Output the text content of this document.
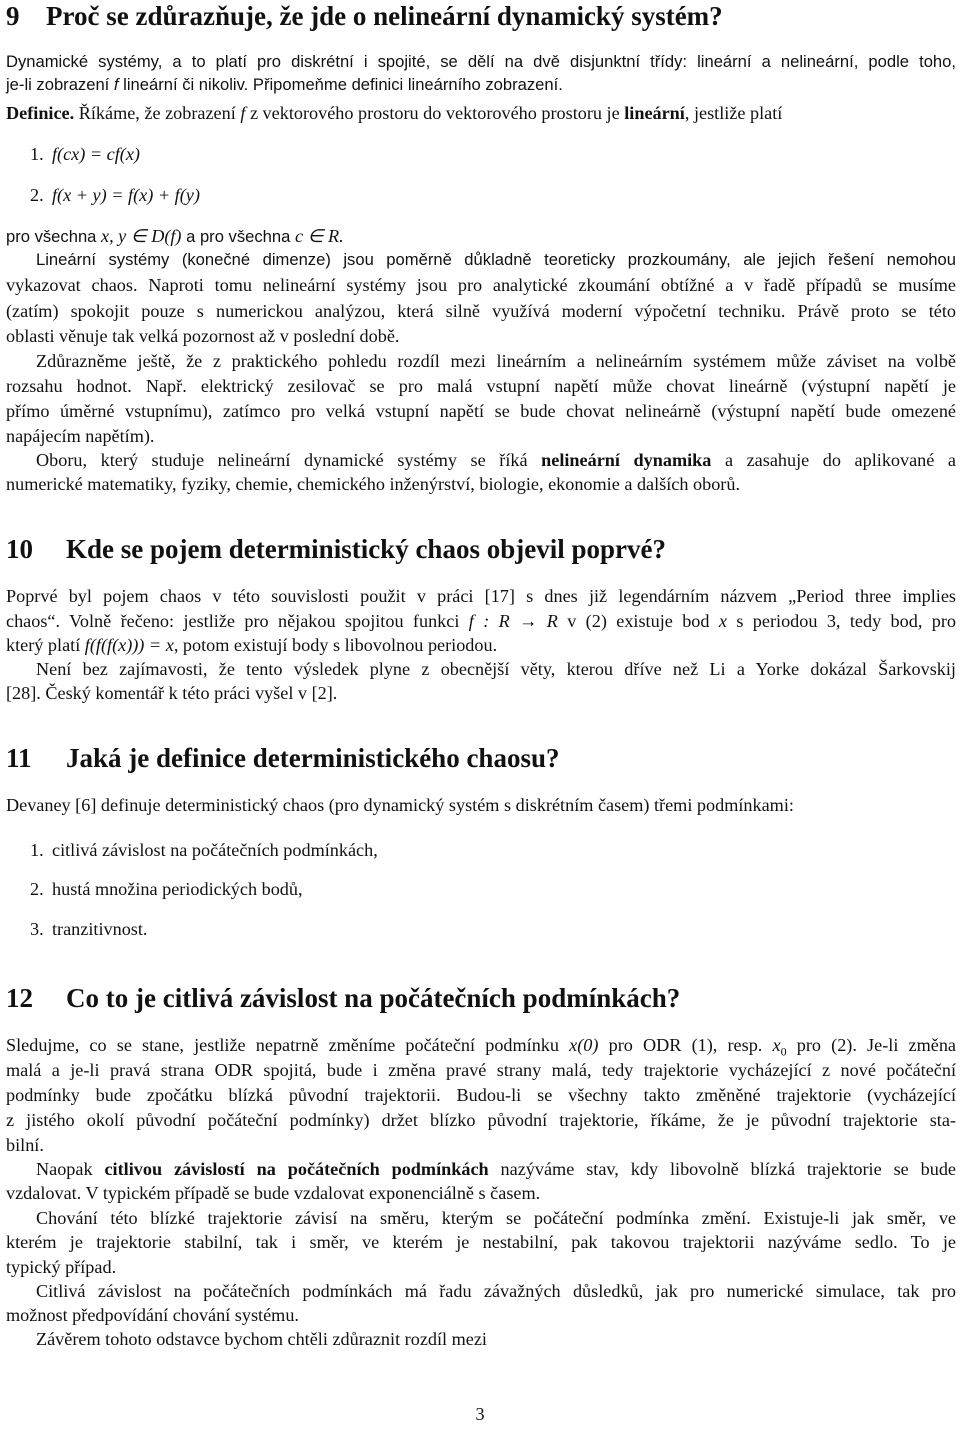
9 Proč se zdůrazňuje, že jde o nelineární dynamický systém?
Dynamické systémy, a to platí pro diskrétní i spojité, se dělí na dvě disjunktní třídy: lineární a nelineární, podle toho,
je-li zobrazení f lineární či nikoliv. Připomeňme definici lineárního zobrazení.
Definice. Říkáme, že zobrazení f z vektorového prostoru do vektorového prostoru je lineární, jestliže platí
1. f(cx) = cf(x)
2. f(x + y) = f(x) + f(y)
pro všechna x, y ∈ D(f) a pro všechna c ∈ R.
Lineární systémy (konečné dimenze) jsou poměrně důkladně teoreticky prozkoumány, ale jejich řešení nemohou
vykazovat chaos. Naproti tomu nelineární systémy jsou pro analytické zkoumání obtížné a v řadě případů se musíme
(zatím) spokojit pouze s numerickou analýzou, která silně využívá moderní výpočetní techniku. Právě proto se této
oblasti věnuje tak velká pozornost až v poslední době.
Zdůrazněme ještě, že z praktického pohledu rozdíl mezi lineárním a nelineárním systémem může záviset na volbě
rozsahu hodnot. Např. elektrický zesilovač se pro malá vstupní napětí může chovat lineárně (výstupní napětí je
přímo úměrné vstupnímu), zatímco pro velká vstupní napětí se bude chovat nelineárně (výstupní napětí bude omezené
napájecím napětím).
Oboru, který studuje nelineární dynamické systémy se říká nelineární dynamika a zasahuje do aplikované a
numerické matematiky, fyziky, chemie, chemického inženýrství, biologie, ekonomie a dalších oborů.
10 Kde se pojem deterministický chaos objevil poprvé?
Poprvé byl pojem chaos v této souvislosti použit v práci [17] s dnes již legendárním názvem „Period three implies
chaos“. Volně řečeno: jestliže pro nějakou spojitou funkci f : R → R v (2) existuje bod x s periodou 3, tedy bod, pro
který platí f(f(f(x))) = x, potom existují body s libovolnou periodou.
Není bez zajímavosti, že tento výsledek plyne z obecnější věty, kterou dříve než Li a Yorke dokázal Šarkovskij
[28]. Český komentář k této práci vyšel v [2].
11 Jaká je definice deterministického chaosu?
Devaney [6] definuje deterministický chaos (pro dynamický systém s diskrétním časem) třemi podmínkami:
1. citlivá závislost na počátečních podmínkách,
2. hustá množina periodických bodů,
3. tranzitivnost.
12 Co to je citlivá závislost na počátečních podmínkách?
Sledujme, co se stane, jestliže nepatrně změníme počáteční podmínku x(0) pro ODR (1), resp. $x_0$ pro (2). Je-li změna
malá a je-li pravá strana ODR spojitá, bude i změna pravé strany malá, tedy trajektorie vycházející z nové počáteční
podmínky bude zpočátku blízká původní trajektorii. Budou-li se všechny takto změněné trajektorie (vycházející
z jistého okolí původní počáteční podmínky) držet blízko původní trajektorie, říkáme, že je původní trajektorie sta-
bilní.
Naopak citlivou závislostí na počátečních podmínkách nazýváme stav, kdy libovolně blízká trajektorie se bude
vzdalovat. V typickém případě se bude vzdalovat exponenciálně s časem.
Chování této blízké trajektorie závisí na směru, kterým se počáteční podmínka změní. Existuje-li jak směr, ve
kterém je trajektorie stabilní, tak i směr, ve kterém je nestabilní, pak takovou trajektorii nazýváme sedlo. To je
typický případ.
Citlivá závislost na počátečních podmínkách má řadu závažných důsledků, jak pro numerické simulace, tak pro
možnost předpovídání chování systému.
Závěrem tohoto odstavce bychom chtěli zdůraznit rozdíl mezi
3
